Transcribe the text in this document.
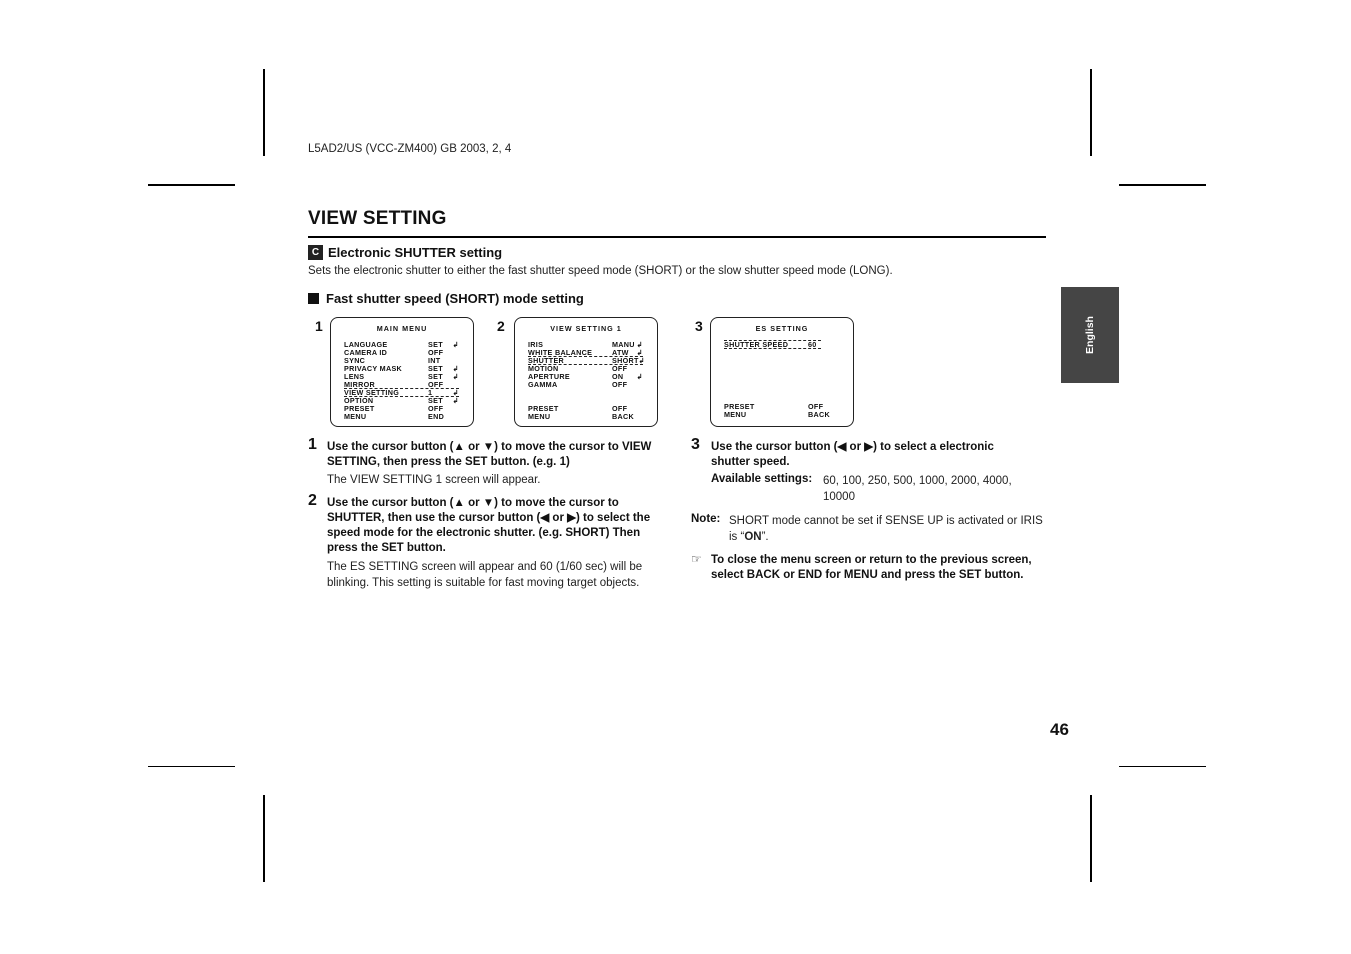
L5AD2/US (VCC-ZM400) GB 2003, 2, 4
VIEW SETTING
C Electronic SHUTTER setting
Sets the electronic shutter to either the fast shutter speed mode (SHORT) or the slow shutter speed mode (LONG).
Fast shutter speed (SHORT) mode setting
1	MAIN MENU
LANGUAGE	SET	↲
CAMERA ID	OFF
SYNC	INT
PRIVACY MASK	SET	↲
LENS	SET	↲
MIRROR	OFF
VIEW SETTING	1	↲
OPTION	SET	↲
PRESET	OFF
MENU	END
2	VIEW SETTING 1
IRIS	MANU ↲
WHITE BALANCE	ATW	↲
SHUTTER	SHORT ↲
MOTION	OFF
APERTURE	ON	↲
GAMMA	OFF
PRESET	OFF
MENU	BACK
3	ES SETTING
SHUTTER SPEED	60
PRESET	OFF
MENU	BACK
English
1 Use the cursor button (▲ or ▼) to move the cursor to VIEW SETTING, then press the SET button. (e.g. 1)
The VIEW SETTING 1 screen will appear.
2 Use the cursor button (▲ or ▼) to move the cursor to SHUTTER, then use the cursor button (◀ or ▶) to select the speed mode for the electronic shutter. (e.g. SHORT) Then press the SET button.
The ES SETTING screen will appear and 60 (1/60 sec) will be blinking. This setting is suitable for fast moving target objects.
3 Use the cursor button (◀ or ▶) to select a electronic shutter speed.
Available settings: 60, 100, 250, 500, 1000, 2000, 4000, 10000
Note: SHORT mode cannot be set if SENSE UP is activated or IRIS is “ON”.
☞ To close the menu screen or return to the previous screen, select BACK or END for MENU and press the SET button.
46
